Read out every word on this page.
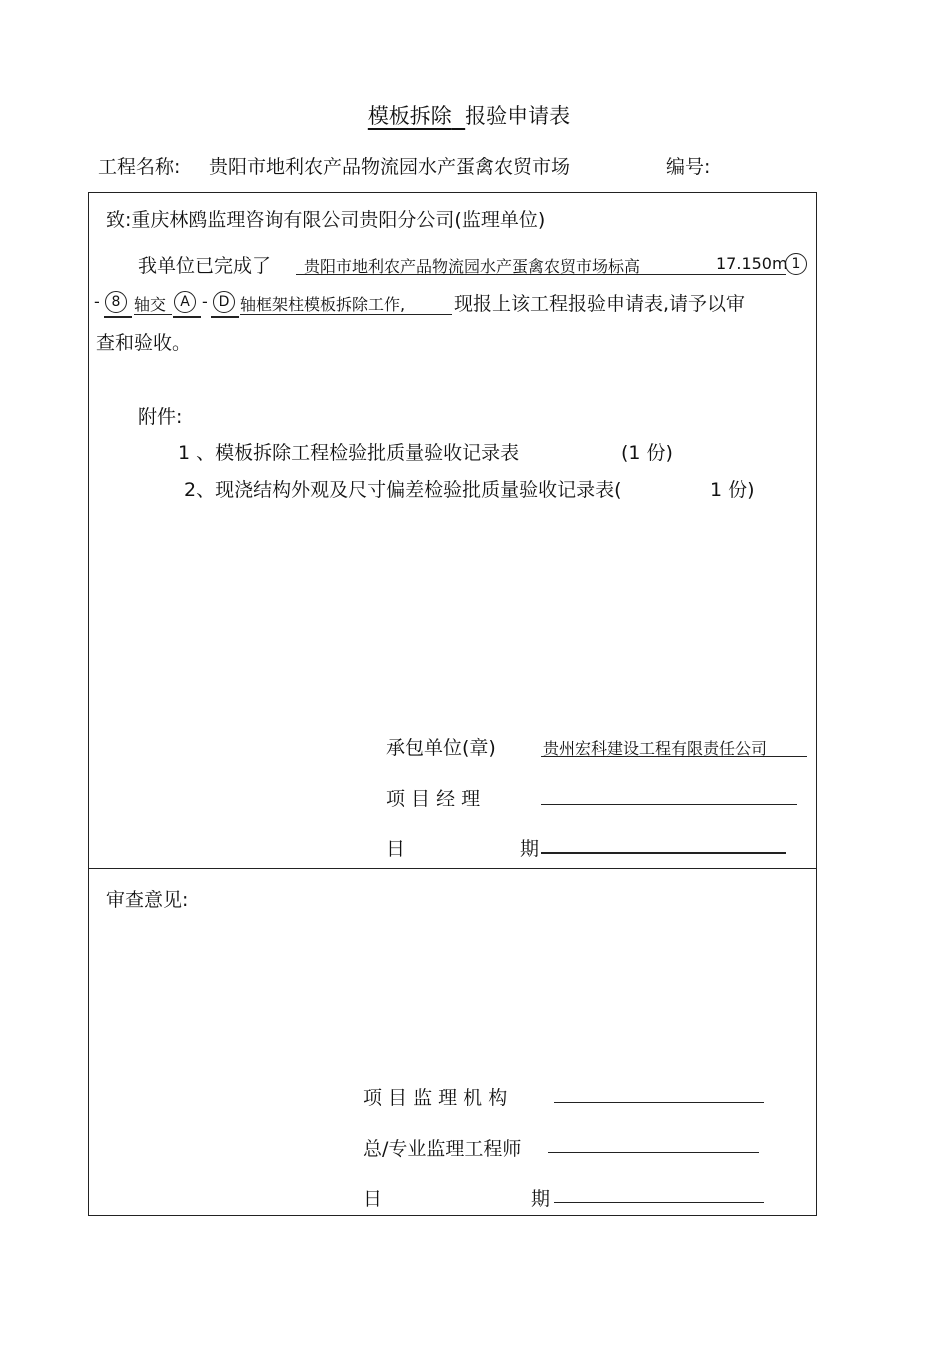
模板拆除 报验申请表
工程名称: 贵阳市地利农产品物流园水产蛋禽农贸市场	编号:
致:重庆林鸥监理咨询有限公司贵阳分公司(监理单位)
我单位已完成了	贵阳市地利农产品物流园水产蛋禽农贸市场标高	17.150m 1
- 8 轴交	A - D 轴框架柱模板拆除工作,	现报上该工程报验申请表,请予以审
查和验收。
附件:
1 、模板拆除工程检验批质量验收记录表	(1 份)
2、现浇结构外观及尺寸偏差检验批质量验收记录表(	1 份)
承包单位(章)	贵州宏科建设工程有限责任公司
项 目 经 理
日	期
审查意见:
项 目 监 理 机 构
总/专业监理工程师
日	期
